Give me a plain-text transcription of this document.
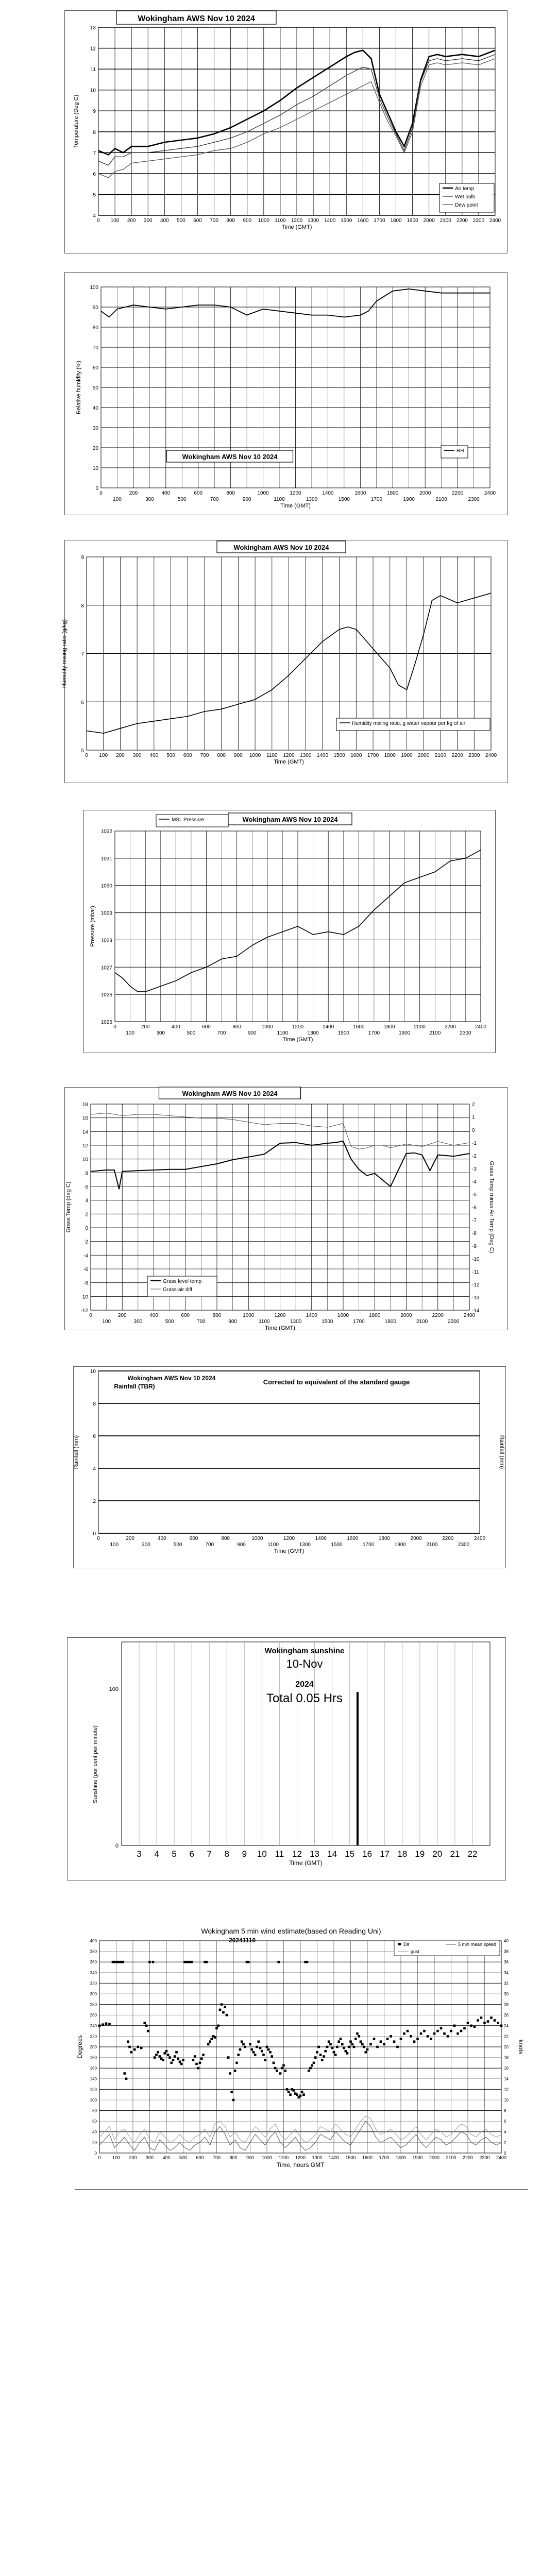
4
5
6
7
8
9
10
11
12
13
0 100 200 300 400 500 600 700 800 900 1000 1100 1200 1300 1400 1500 1600 1700 1800 1900 2000 2100 2200 2300 2400
Time (GMT)
Temperature (Deg C)
Wokingham AWS Nov 10 2024
Air temp
Wet bulb
Dew point
0
10
20
30
40
50
60
70
80
90
100
0	200	400	600	800	1000	1200	1400	1600	1800	2000	2200	2400
100	300	500	700	900	1100	1300	1500	1700	1900	2100	2300
Time (GMT)
Relative humidity (%)
Wokingham AWS Nov 10 2024
RH
5
6
7
8
9
0 100 200 300 400 500 600 700 800 900 1000 1100 1200 1300 1400 1500 1600 1700 1800 1900 2000 2100 2200 2300 2400
Time (GMT)
Humidity mixing ratio (g/kg)
Wokingham AWS Nov 10 2024
Humidity mixing ratio, g water vapour per kg of air
1025
1026
1027
1028
1029
1030
1031
1032
0	200	400	600	800	1000	1200	1400	1600	1800	2000	2200	2400
100	300	500	700	900	1100	1300	1500	1700	1900	2100	2300
Time (GMT)
Pressure (mbar)
Wokingham AWS Nov 10 2024
MSL Pressure
-12
-10
-8
-6
-4
-2
0
2
4
6
8
10
12
14
16
18
0	200	400	600	800	1000	1200	1400	1600	1800	2000	2200	2400
100	300	500	700	900	1100	1300	1500	1700	1900	2100	2300
Time (GMT)
Grass Temp (deg C)	Grass Temp minus Air Temp (Deg C)
-14
-13
-12
-11
-10
-9
-8
-7
-6
-5
-4
-3
-2
-1
0
1
2
Wokingham AWS Nov 10 2024
Grass level temp
Grass-air diff
0
2
4
6
8
10
0	200	400	600	800	1000	1200	1400	1600	1800	2000	2200	2400
100	300	500	700	900	1100	1300	1500	1700	1900	2100	2300
Time (GMT)
Rainfall (mm)	Rainfall (mm)
Wokingham AWS Nov 10 2024
Rainfall (TBR)
Corrected to equivalent of the standard gauge
3 4 5 6 7 8 9 10 11 12 13 14 15 16 17 18 19 20 21 22
0
100
Time (GMT)
Sunshine (per cent per minute)
Wokingham sunshine
10-Nov
2024
Total 0.05 Hrs
0
20
40
60
80
100
120
140
160
180
200
220
240
260
280
300
320
340
360
380
400
0
2
4
6
8
10
12
14
16
18
20
22
24
26
28
30
32
34
36
38
40
0 100 200 300 400 500 600 700 800 900 1000 1100 1200 1300 1400 1500 1600 1700 1800 1900 2000 2100 2200 2300 2400
Time, hours GMT
Degrees	knots
Wokingham 5 min wind estimate(based on Reading Uni)
20241110
Dir	5 min mean speed
gust
